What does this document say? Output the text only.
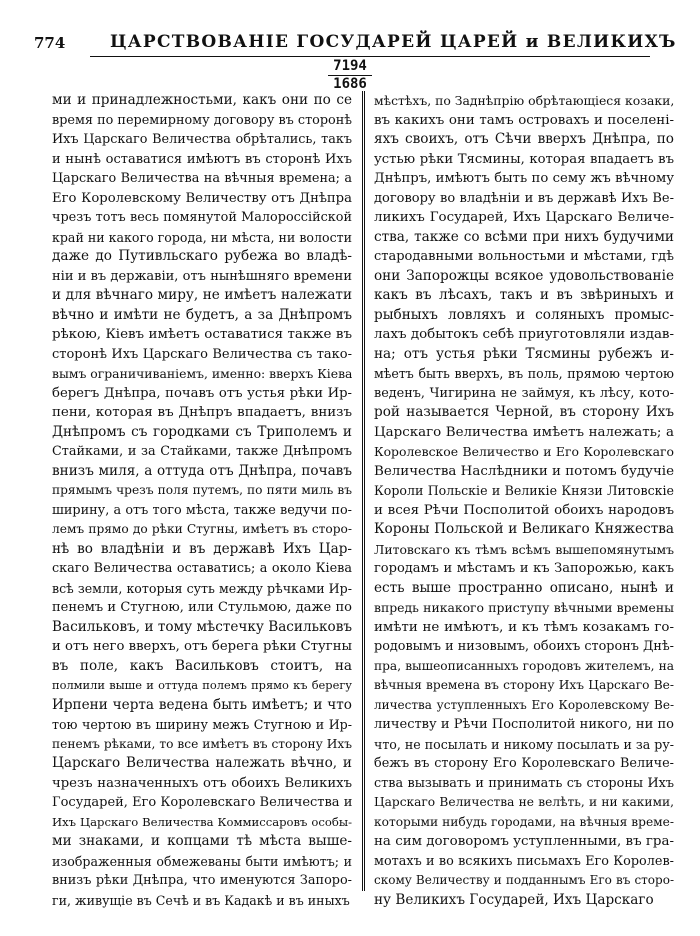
774	ЦАРСТВОВАНІЕ ГОСУДАРЕЙ ЦАРЕЙ и ВЕЛИКИХЪ
7194
1686
ми и принадлежностьми, какъ они по се
время по перемирному договору въ сторонѣ
Ихъ Царскаго Величества обрѣтались, такъ
и нынѣ оставатися имѣютъ въ сторонѣ Ихъ
Царскаго Величества на вѣчныя времена; а
Его Королевскому Величеству отъ Днѣпра
чрезъ тотъ весь помянутой Малороссійской
край ни какого города, ни мѣста, ни волости
даже до Путивльскаго рубежа во владѣ-
ніи и въ державіи, отъ нынѣшняго времени
и для вѣчнаго миру, не имѣетъ належати
вѣчно и имѣти не будетъ, а за Днѣпромъ
рѣкою, Кіевъ имѣетъ оставатися также въ
сторонѣ Ихъ Царскаго Величества съ тако-
вымъ ограничиваніемъ, именно: вверхъ Кіева
берегъ Днѣпра, почавъ отъ устья рѣки Ир-
пени, которая въ Днѣпръ впадаетъ, внизъ
Днѣпромъ съ городками съ Триполемъ и
Стайками, и за Стайками, также Днѣпромъ
внизъ миля, а оттуда отъ Днѣпра, почавъ
прямымъ чрезъ поля путемъ, по пяти миль въ
ширину, а отъ того мѣста, также ведучи по-
лемъ прямо до рѣки Стугны, имѣетъ въ сторо-
нѣ во владѣніи и въ державѣ Ихъ Цар-
скаго Величества оставатись; а около Кіева
всѣ земли, которыя суть между рѣчками Ир-
пенемъ и Стугною, или Стульмою, даже по
Васильковъ, и тому мѣстечку Васильковъ
и отъ него вверхъ, отъ берега рѣки Стугны
въ поле, какъ Васильковъ стоитъ, на
полмили выше и оттуда полемъ прямо къ берегу
Ирпени черта ведена быть имѣетъ; и что
тою чертою въ ширину межъ Стугною и Ир-
пенемъ рѣками, то все имѣетъ въ сторону Ихъ
Царскаго Величества належать вѣчно, и
чрезъ назначенныхъ отъ обоихъ Великихъ
Государей, Его Королевскаго Величества и
Ихъ Царскаго Величества Коммиссаровъ особы-
ми знаками, и копцами тѣ мѣста выше-
изображенныя обмежеваны быти имѣютъ; и
внизъ рѣки Днѣпра, что именуются Запоро-
ги, живущіе въ Сечѣ и въ Кадакѣ и въ иныхъ
мѣстѣхъ, по Заднѣпрію обрѣтающіеся козаки,
въ какихъ они тамъ островахъ и поселені-
яхъ своихъ, отъ Сѣчи вверхъ Днѣпра, по
устью рѣки Тясмины, которая впадаетъ въ
Днѣпръ, имѣютъ быть по сему жъ вѣчному
договору во владѣніи и въ державѣ Ихъ Ве-
ликихъ Государей, Ихъ Царскаго Величе-
ства, также со всѣми при нихъ будучими
стародавными вольностьми и мѣстами, гдѣ
они Запорожцы всякое удовольствованіе
какъ въ лѣсахъ, такъ и въ звѣриныхъ и
рыбныхъ ловляхъ и соляныхъ промыс-
лахъ добытокъ себѣ приуготовляли издав-
на; отъ устья рѣки Тясмины рубежъ и-
мѣетъ быть вверхъ, въ поль, прямою чертою
веденъ, Чигирина не займуя, къ лѣсу, кото-
рой называется Черной, въ сторону Ихъ
Царскаго Величества имѣетъ належать; а
Королевское Величество и Его Королевскаго
Величества Наслѣдники и потомъ будучіе
Короли Польскіе и Великіе Князи Литовскіе
и всея Рѣчи Посполитой обоихъ народовъ
Короны Польской и Великаго Княжества
Литовскаго къ тѣмъ всѣмъ вышепомянутымъ
городамъ и мѣстамъ и къ Запорожью, какъ
есть выше пространно описано, нынѣ и
впредь никакого приступу вѣчными времены
имѣти не имѣютъ, и къ тѣмъ козакамъ го-
родовымъ и низовымъ, обоихъ сторонъ Днѣ-
пра, вышеописанныхъ городовъ жителемъ, на
вѣчныя времена въ сторону Ихъ Царскаго Ве-
личества уступленныхъ Его Королевскому Ве-
личеству и Рѣчи Посполитой никого, ни по
что, не посылать и никому посылать и за ру-
бежъ въ сторону Его Королевскаго Величе-
ства вызывать и принимать съ стороны Ихъ
Царскаго Величества не велѣть, и ни какими,
которыми нибудь городами, на вѣчныя време-
на сим договоромъ уступленными, въ гра-
мотахъ и во всякихъ письмахъ Его Королев-
скому Величеству и подданнымъ Его въ сторо-
ну Великихъ Государей, Ихъ Царскаго
